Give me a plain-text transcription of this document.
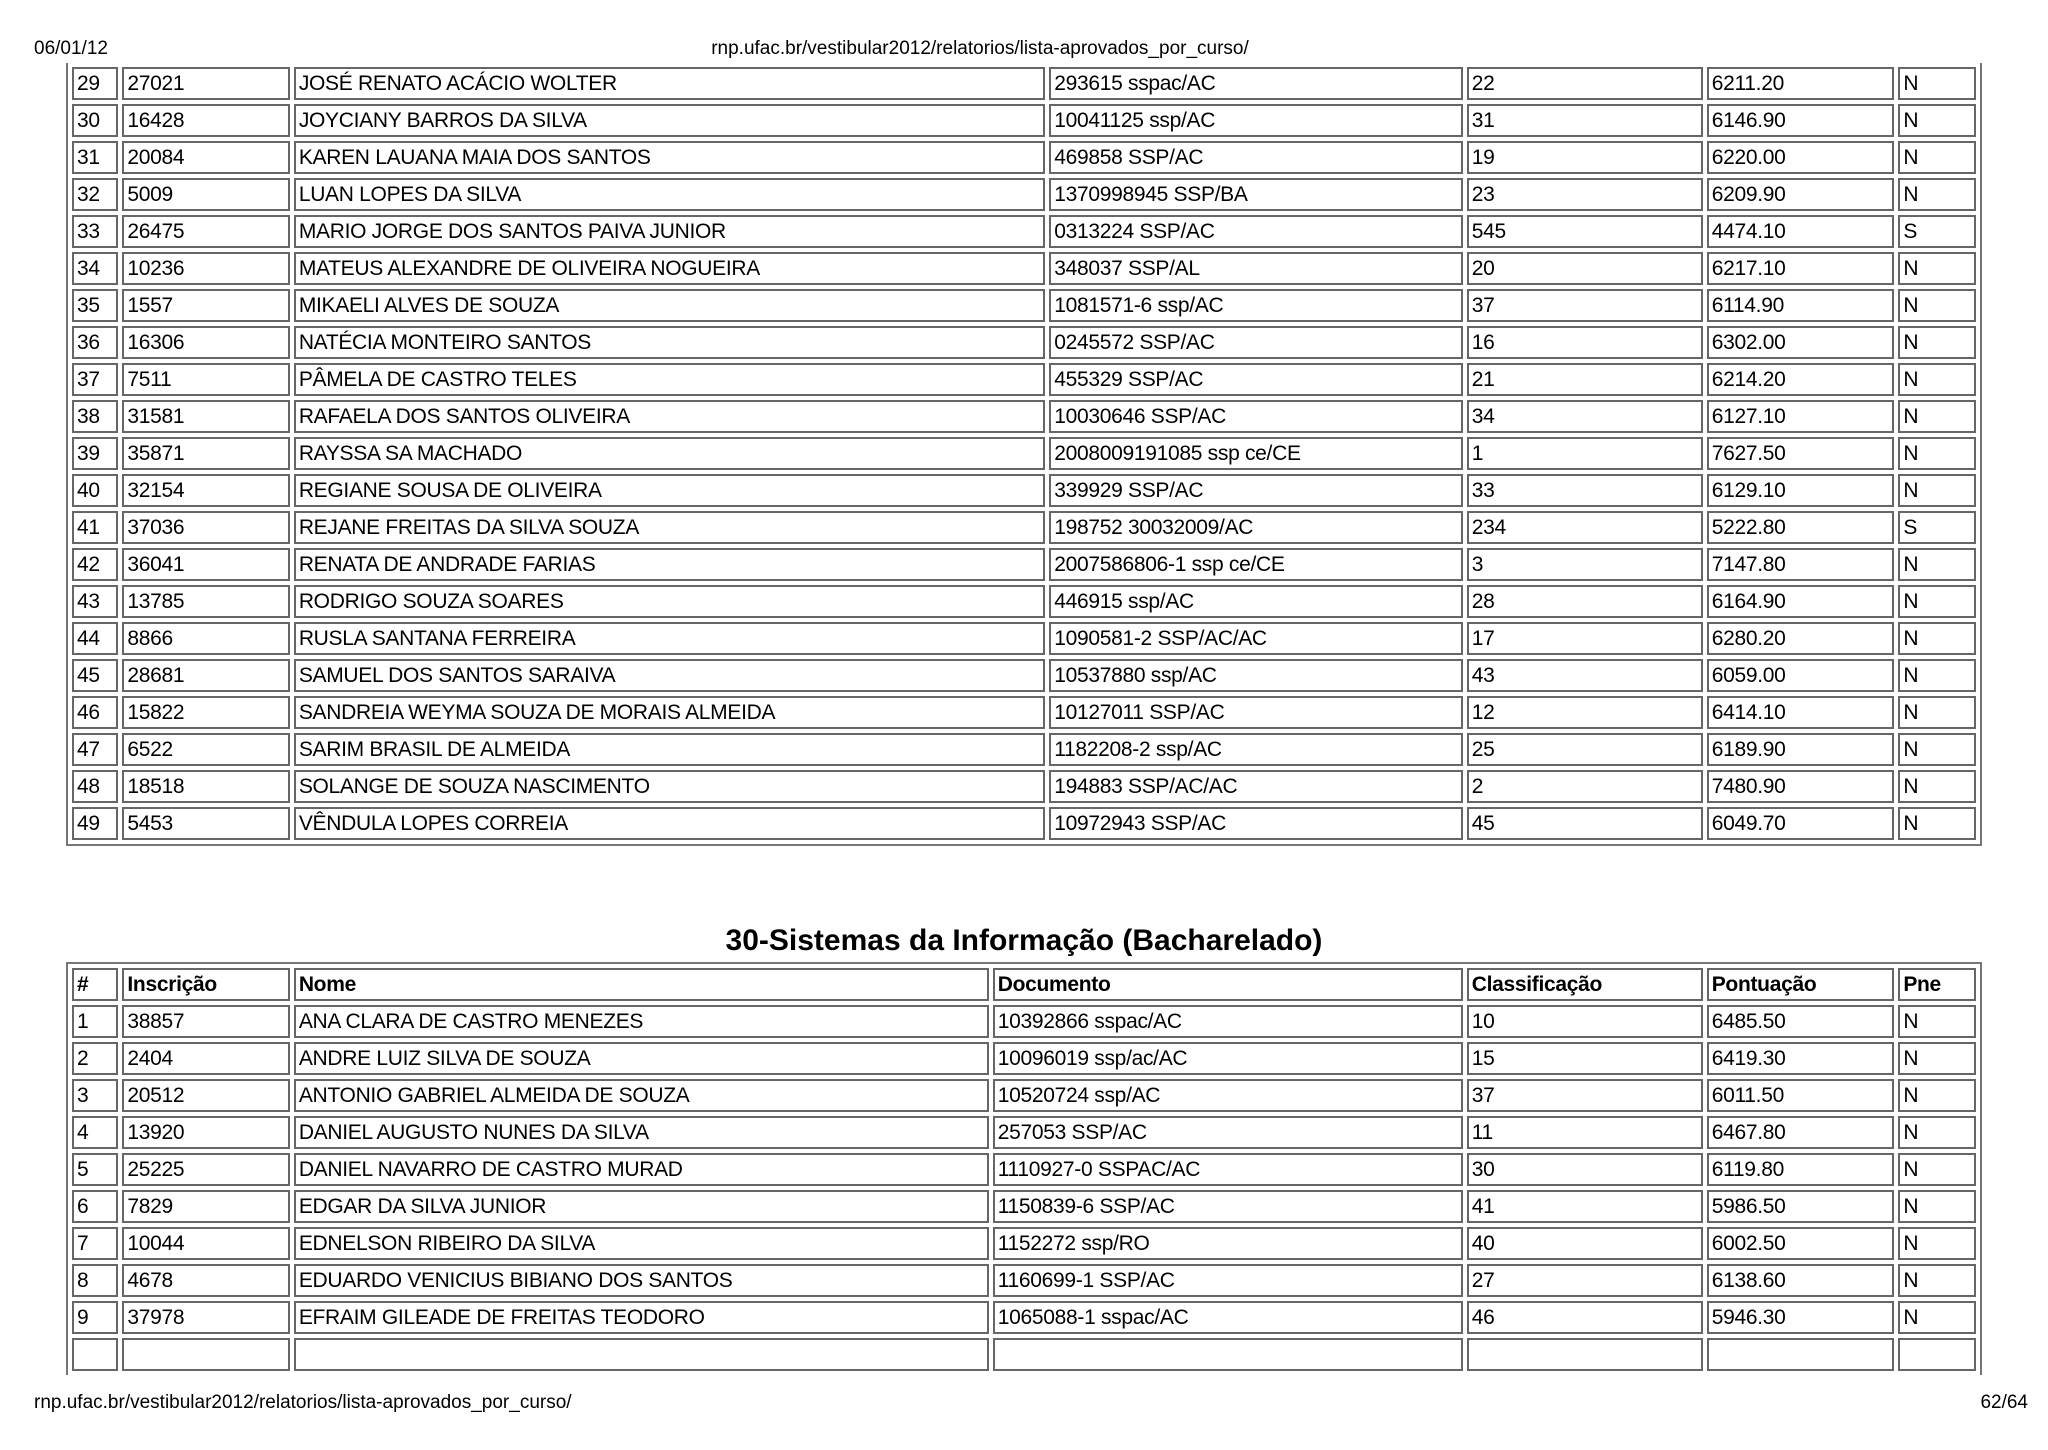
06/01/12	rnp.ufac.br/vestibular2012/relatorios/lista-aprovados_por_curso/
29	27021	JOSÉ RENATO ACÁCIO WOLTER	293615 sspac/AC	22	6211.20	N
30	16428	JOYCIANY BARROS DA SILVA	10041125 ssp/AC	31	6146.90	N
31	20084	KAREN LAUANA MAIA DOS SANTOS	469858 SSP/AC	19	6220.00	N
32	5009	LUAN LOPES DA SILVA	1370998945 SSP/BA	23	6209.90	N
33	26475	MARIO JORGE DOS SANTOS PAIVA JUNIOR	0313224 SSP/AC	545	4474.10	S
34	10236	MATEUS ALEXANDRE DE OLIVEIRA NOGUEIRA	348037 SSP/AL	20	6217.10	N
35	1557	MIKAELI ALVES DE SOUZA	1081571-6 ssp/AC	37	6114.90	N
36	16306	NATÉCIA MONTEIRO SANTOS	0245572 SSP/AC	16	6302.00	N
37	7511	PÂMELA DE CASTRO TELES	455329 SSP/AC	21	6214.20	N
38	31581	RAFAELA DOS SANTOS OLIVEIRA	10030646 SSP/AC	34	6127.10	N
39	35871	RAYSSA SA MACHADO	2008009191085 ssp ce/CE	1	7627.50	N
40	32154	REGIANE SOUSA DE OLIVEIRA	339929 SSP/AC	33	6129.10	N
41	37036	REJANE FREITAS DA SILVA SOUZA	198752 30032009/AC	234	5222.80	S
42	36041	RENATA DE ANDRADE FARIAS	2007586806-1 ssp ce/CE	3	7147.80	N
43	13785	RODRIGO SOUZA SOARES	446915 ssp/AC	28	6164.90	N
44	8866	RUSLA SANTANA FERREIRA	1090581-2 SSP/AC/AC	17	6280.20	N
45	28681	SAMUEL DOS SANTOS SARAIVA	10537880 ssp/AC	43	6059.00	N
46	15822	SANDREIA WEYMA SOUZA DE MORAIS ALMEIDA	10127011 SSP/AC	12	6414.10	N
47	6522	SARIM BRASIL DE ALMEIDA	1182208-2 ssp/AC	25	6189.90	N
48	18518	SOLANGE DE SOUZA NASCIMENTO	194883 SSP/AC/AC	2	7480.90	N
49	5453	VÊNDULA LOPES CORREIA	10972943 SSP/AC	45	6049.70	N
30-Sistemas da Informação (Bacharelado)
#	Inscrição	Nome	Documento	Classificação	Pontuação	Pne
1	38857	ANA CLARA DE CASTRO MENEZES	10392866 sspac/AC	10	6485.50	N
2	2404	ANDRE LUIZ SILVA DE SOUZA	10096019 ssp/ac/AC	15	6419.30	N
3	20512	ANTONIO GABRIEL ALMEIDA DE SOUZA	10520724 ssp/AC	37	6011.50	N
4	13920	DANIEL AUGUSTO NUNES DA SILVA	257053 SSP/AC	11	6467.80	N
5	25225	DANIEL NAVARRO DE CASTRO MURAD	1110927-0 SSPAC/AC	30	6119.80	N
6	7829	EDGAR DA SILVA JUNIOR	1150839-6 SSP/AC	41	5986.50	N
7	10044	EDNELSON RIBEIRO DA SILVA	1152272 ssp/RO	40	6002.50	N
8	4678	EDUARDO VENICIUS BIBIANO DOS SANTOS	1160699-1 SSP/AC	27	6138.60	N
9	37978	EFRAIM GILEADE DE FREITAS TEODORO	1065088-1 sspac/AC	46	5946.30	N

rnp.ufac.br/vestibular2012/relatorios/lista-aprovados_por_curso/	62/64
